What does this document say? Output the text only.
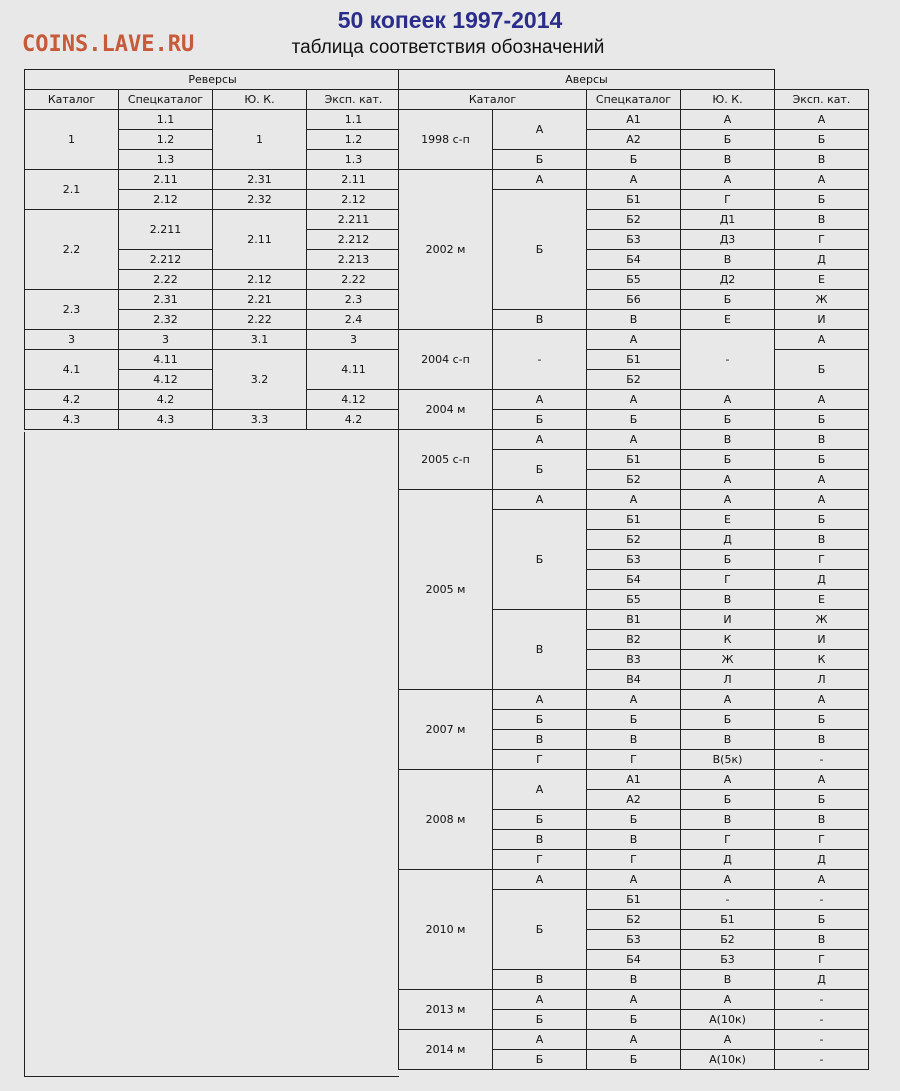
50 копеек 1997-2014
таблица соответствия обозначений
COINS.LAVE.RU
Реверсы			
Каталог	Спецкаталог	Ю. К.	Эксп. кат.
1	1.1	1	1.1
	1.2		1.2
	1.3		1.3
2.1	2.11	2.31	2.11
	2.12	2.32	2.12
2.2	2.211	2.11	2.211
			2.212
	2.212		2.213
	2.22	2.12	2.22
2.3	2.31	2.21	2.3
	2.32	2.22	2.4
3	3	3.1	3
4.1	4.11	3.2	4.11
	4.12		
4.2	4.2		4.12
4.3	4.3	3.3	4.2
Аверсы				
Каталог		Спецкаталог	Ю. К.	Эксп. кат.
1998 с-п	А	А1	А	А
		А2	Б	Б
	Б	Б	В	В
2002 м	А	А	А	А
	Б	Б1	Г	Б
		Б2	Д1	В
		Б3	Д3	Г
		Б4	В	Д
		Б5	Д2	Е
		Б6	Б	Ж
	В	В	Е	И
2004 с-п	-	А	-	А
		Б1		Б
		Б2		
2004 м	А	А	А	А
	Б	Б	Б	Б
2005 с-п	А	А	В	В
	Б	Б1	Б	Б
		Б2	А	А
2005 м	А	А	А	А
	Б	Б1	Е	Б
		Б2	Д	В
		Б3	Б	Г
		Б4	Г	Д
		Б5	В	Е
	В	В1	И	Ж
		В2	К	И
		В3	Ж	К
		В4	Л	Л
2007 м	А	А	А	А
	Б	Б	Б	Б
	В	В	В	В
	Г	Г	В(5к)	-
2008 м	А	А1	А	А
		А2	Б	Б
	Б	Б	В	В
	В	В	Г	Г
	Г	Г	Д	Д
2010 м	А	А	А	А
	Б	Б1	-	-
		Б2	Б1	Б
		Б3	Б2	В
		Б4	Б3	Г
	В	В	В	Д
2013 м	А	А	А	-
	Б	Б	А(10к)	-
2014 м	А	А	А	-
	Б	Б	А(10к)	-
